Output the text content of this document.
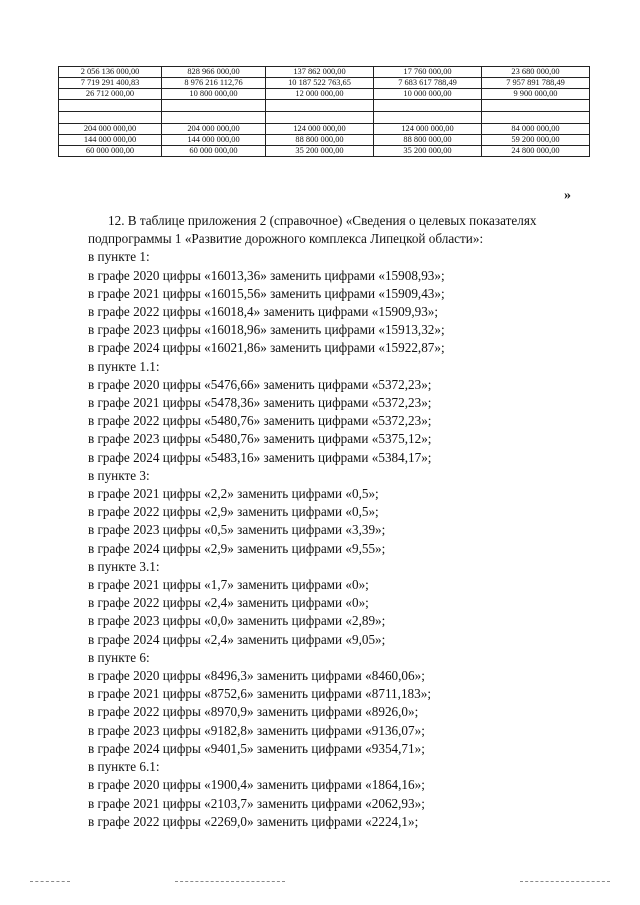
2 056 136 000,00	828 966 000,00	137 862 000,00	17 760 000,00	23 680 000,00
7 719 291 400,83	8 976 216 112,76	10 187 522 763,65	7 683 617 788,49	7 957 891 788,49
26 712 000,00	10 800 000,00	12 000 000,00	10 000 000,00	9 900 000,00

204 000 000,00	204 000 000,00	124 000 000,00	124 000 000,00	84 000 000,00
144 000 000,00	144 000 000,00	88 800 000,00	88 800 000,00	59 200 000,00
60 000 000,00	60 000 000,00	35 200 000,00	35 200 000,00	24 800 000,00
»

12. В таблице приложения 2 (справочное) «Сведения о целевых показателях

подпрограммы 1 «Развитие дорожного комплекса Липецкой области»:

в пункте 1:

в графе 2020 цифры «16013,36» заменить цифрами «15908,93»;

в графе 2021 цифры «16015,56» заменить цифрами «15909,43»;

в графе 2022 цифры «16018,4» заменить цифрами «15909,93»;

в графе 2023 цифры «16018,96» заменить цифрами «15913,32»;

в графе 2024 цифры «16021,86» заменить цифрами «15922,87»;

в пункте 1.1:

в графе 2020 цифры «5476,66» заменить цифрами «5372,23»;

в графе 2021 цифры «5478,36» заменить цифрами «5372,23»;

в графе 2022 цифры «5480,76» заменить цифрами «5372,23»;

в графе 2023 цифры «5480,76» заменить цифрами «5375,12»;

в графе 2024 цифры «5483,16» заменить цифрами «5384,17»;

в пункте 3:

в графе 2021 цифры «2,2» заменить цифрами «0,5»;

в графе 2022 цифры «2,9» заменить цифрами «0,5»;

в графе 2023 цифры «0,5» заменить цифрами «3,39»;

в графе 2024 цифры «2,9» заменить цифрами «9,55»;

в пункте 3.1:

в графе 2021 цифры «1,7» заменить цифрами «0»;

в графе 2022 цифры «2,4» заменить цифрами «0»;

в графе 2023 цифры «0,0» заменить цифрами «2,89»;

в графе 2024 цифры «2,4» заменить цифрами «9,05»;

в пункте 6:

в графе 2020 цифры «8496,3» заменить цифрами «8460,06»;

в графе 2021 цифры «8752,6» заменить цифрами «8711,183»;

в графе 2022 цифры «8970,9» заменить цифрами «8926,0»;

в графе 2023 цифры «9182,8» заменить цифрами «9136,07»;

в графе 2024 цифры «9401,5» заменить цифрами «9354,71»;

в пункте 6.1:

в графе 2020 цифры «1900,4» заменить цифрами «1864,16»;

в графе 2021 цифры «2103,7» заменить цифрами «2062,93»;

в графе 2022 цифры «2269,0» заменить цифрами «2224,1»;
